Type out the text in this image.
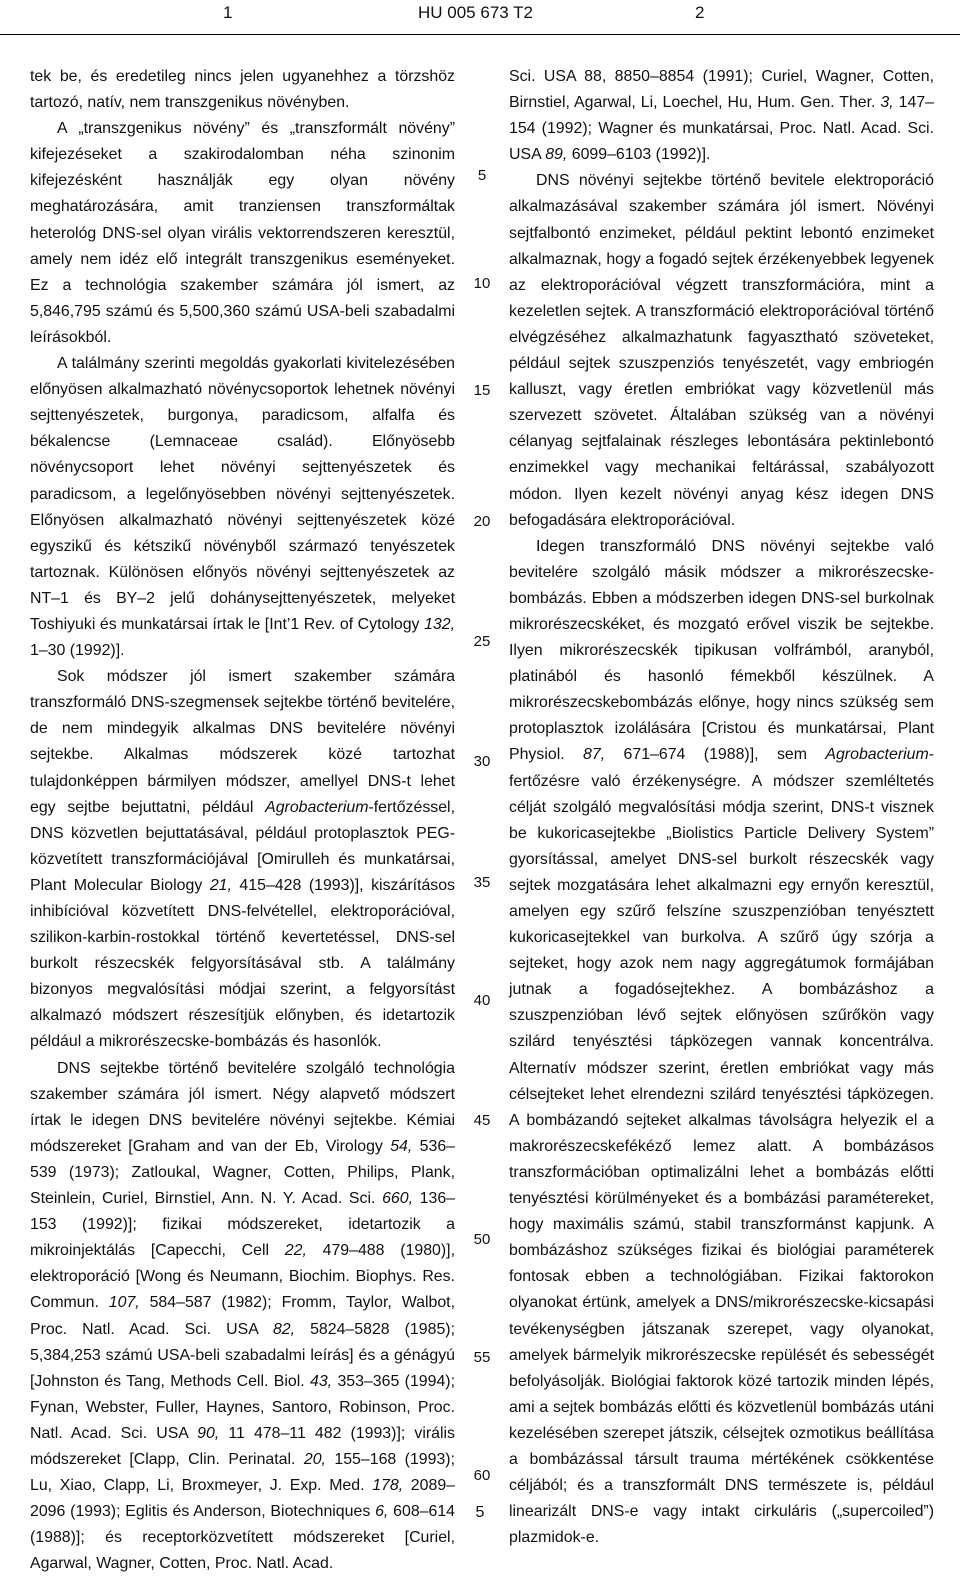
1	HU 005 673 T2	2

tek be, és eredetileg nincs jelen ugyanehhez a törzshöz tartozó, natív, nem transzgenikus növényben.

A „transzgenikus növény” és „transzformált növény” kifejezéseket a szakirodalomban néha szinonim kifejezésként használják egy olyan növény meghatározására, amit tranziensen transzformáltak heterológ DNS-sel olyan virális vektorrendszeren keresztül, amely nem idéz elő integrált transzgenikus eseményeket. Ez a technológia szakember számára jól ismert, az 5,846,795 számú és 5,500,360 számú USA-beli szabadalmi leírásokból.

A találmány szerinti megoldás gyakorlati kivitelezésében előnyösen alkalmazható növénycsoportok lehetnek növényi sejttenyészetek, burgonya, paradicsom, alfalfa és békalencse (Lemnaceae család). Előnyösebb növénycsoport lehet növényi sejttenyészetek és paradicsom, a legelőnyösebben növényi sejttenyészetek. Előnyösen alkalmazható növényi sejttenyészetek közé egyszikű és kétszikű növényből származó tenyészetek tartoznak. Különösen előnyös növényi sejttenyészetek az NT–1 és BY–2 jelű dohánysejttenyészetek, melyeket Toshiyuki és munkatársai írtak le [Int’1 Rev. of Cytology 132, 1–30 (1992)].

Sok módszer jól ismert szakember számára transzformáló DNS-szegmensek sejtekbe történő bevitelére, de nem mindegyik alkalmas DNS bevitelére növényi sejtekbe. Alkalmas módszerek közé tartozhat tulajdonképpen bármilyen módszer, amellyel DNS-t lehet egy sejtbe bejuttatni, például Agrobacterium-fertőzéssel, DNS közvetlen bejuttatásával, például protoplasztok PEG-közvetített transzformációjával [Omirulleh és munkatársai, Plant Molecular Biology 21, 415–428 (1993)], kiszárításos inhibícióval közvetített DNS-felvétellel, elektroporációval, szilikon-karbin-rostokkal történő kevertetéssel, DNS-sel burkolt részecskék felgyorsításával stb. A találmány bizonyos megvalósítási módjai szerint, a felgyorsítást alkalmazó módszert részesítjük előnyben, és idetartozik például a mikrorészecske-bombázás és hasonlók.

DNS sejtekbe történő bevitelére szolgáló technológia szakember számára jól ismert. Négy alapvető módszert írtak le idegen DNS bevitelére növényi sejtekbe. Kémiai módszereket [Graham and van der Eb, Virology 54, 536–539 (1973); Zatloukal, Wagner, Cotten, Philips, Plank, Steinlein, Curiel, Birnstiel, Ann. N. Y. Acad. Sci. 660, 136–153 (1992)]; fizikai módszereket, idetartozik a mikroinjektálás [Capecchi, Cell 22, 479–488 (1980)], elektroporáció [Wong és Neumann, Biochim. Biophys. Res. Commun. 107, 584–587 (1982); Fromm, Taylor, Walbot, Proc. Natl. Acad. Sci. USA 82, 5824–5828 (1985); 5,384,253 számú USA-beli szabadalmi leírás] és a génágyú [Johnston és Tang, Methods Cell. Biol. 43, 353–365 (1994); Fynan, Webster, Fuller, Haynes, Santoro, Robinson, Proc. Natl. Acad. Sci. USA 90, 11 478–11 482 (1993)]; virális módszereket [Clapp, Clin. Perinatal. 20, 155–168 (1993); Lu, Xiao, Clapp, Li, Broxmeyer, J. Exp. Med. 178, 2089–2096 (1993); Eglitis és Anderson, Biotechniques 6, 608–614 (1988)]; és receptorközvetített módszereket [Curiel, Agarwal, Wagner, Cotten, Proc. Natl. Acad.

Sci. USA 88, 8850–8854 (1991); Curiel, Wagner, Cotten, Birnstiel, Agarwal, Li, Loechel, Hu, Hum. Gen. Ther. 3, 147–154 (1992); Wagner és munkatársai, Proc. Natl. Acad. Sci. USA 89, 6099–6103 (1992)].

DNS növényi sejtekbe történő bevitele elektroporáció alkalmazásával szakember számára jól ismert. Növényi sejtfalbontó enzimeket, például pektint lebontó enzimeket alkalmaznak, hogy a fogadó sejtek érzékenyebbek legyenek az elektroporációval végzett transzformációra, mint a kezeletlen sejtek. A transzformáció elektroporációval történő elvégzéséhez alkalmazhatunk fagyasztható szöveteket, például sejtek szuszpenziós tenyészetét, vagy embriogén kalluszt, vagy éretlen embriókat vagy közvetlenül más szervezett szövetet. Általában szükség van a növényi célanyag sejtfalainak részleges lebontására pektinlebontó enzimekkel vagy mechanikai feltárással, szabályozott módon. Ilyen kezelt növényi anyag kész idegen DNS befogadására elektroporációval.

Idegen transzformáló DNS növényi sejtekbe való bevitelére szolgáló másik módszer a mikrorészecske-bombázás. Ebben a módszerben idegen DNS-sel burkolnak mikrorészecskéket, és mozgató erővel viszik be sejtekbe. Ilyen mikrorészecskék tipikusan volfrámból, aranyból, platinából és hasonló fémekből készülnek. A mikrorészecskebombázás előnye, hogy nincs szükség sem protoplasztok izolálására [Cristou és munkatársai, Plant Physiol. 87, 671–674 (1988)], sem Agrobacterium-fertőzésre való érzékenységre. A módszer szemléltetés célját szolgáló megvalósítási módja szerint, DNS-t visznek be kukoricasejtekbe „Biolistics Particle Delivery System” gyorsítással, amelyet DNS-sel burkolt részecskék vagy sejtek mozgatására lehet alkalmazni egy ernyőn keresztül, amelyen egy szűrő felszíne szuszpenzióban tenyésztett kukoricasejtekkel van burkolva. A szűrő úgy szórja a sejteket, hogy azok nem nagy aggregátumok formájában jutnak a fogadósejtekhez. A bombázáshoz a szuszpenzióban lévő sejtek előnyösen szűrőkön vagy szilárd tenyésztési tápközegen vannak koncentrálva. Alternatív módszer szerint, éretlen embriókat vagy más célsejteket lehet elrendezni szilárd tenyésztési tápközegen. A bombázandó sejteket alkalmas távolságra helyezik el a makrorészecskefékéző lemez alatt. A bombázásos transzformációban optimalizálni lehet a bombázás előtti tenyésztési körülményeket és a bombázási paramétereket, hogy maximális számú, stabil transzformánst kapjunk. A bombázáshoz szükséges fizikai és biológiai paraméterek fontosak ebben a technológiában. Fizikai faktorokon olyanokat értünk, amelyek a DNS/mikrorészecske-kicsapási tevékenységben játszanak szerepet, vagy olyanokat, amelyek bármelyik mikrorészecske repülését és sebességét befolyásolják. Biológiai faktorok közé tartozik minden lépés, ami a sejtek bombázás előtti és közvetlenül bombázás utáni kezelésében szerepet játszik, célsejtek ozmotikus beállítása a bombázással társult trauma mértékének csökkentése céljából; és a transzformált DNS természete is, például linearizált DNS-e vagy intakt cirkuláris („supercoiled”) plazmidok-e.

5
10
15
20
25
30
35
40
45
50
55
60
5
